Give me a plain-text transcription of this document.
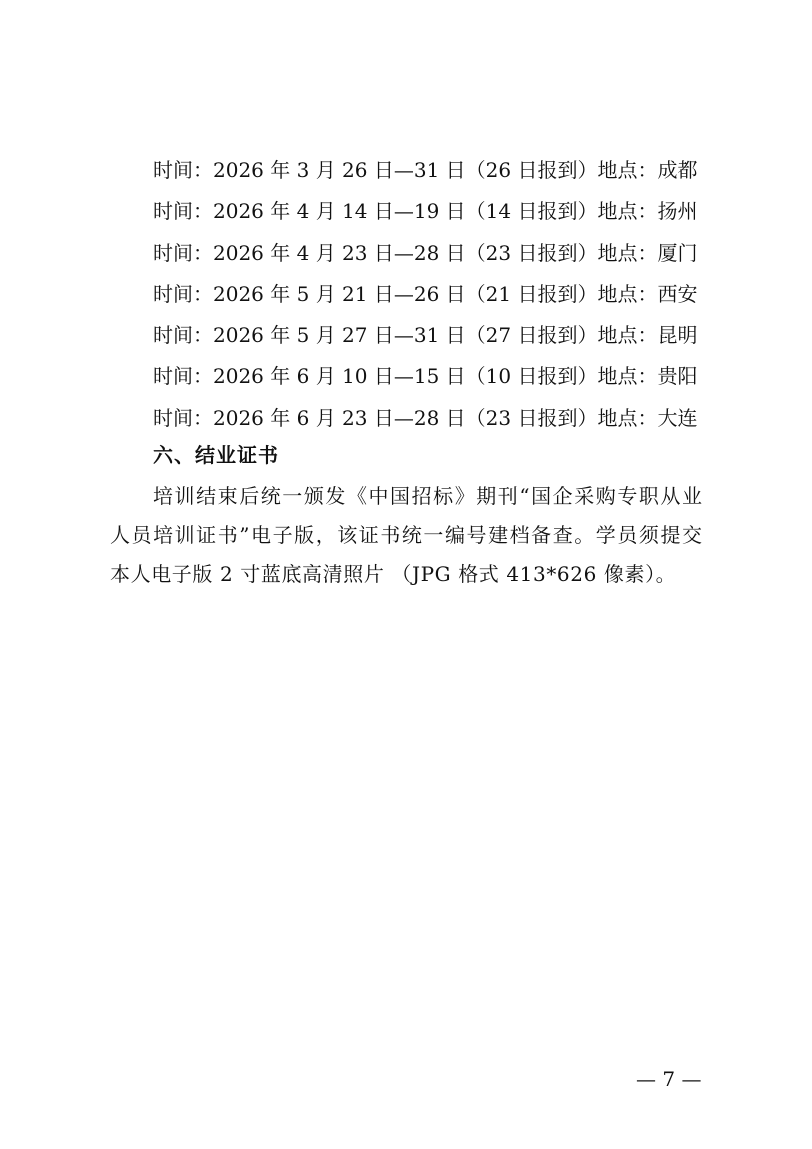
时间：2026 年 3 月 26 日—31 日（26 日报到）地点：成都
时间：2026 年 4 月 14 日—19 日（14 日报到）地点：扬州
时间：2026 年 4 月 23 日—28 日（23 日报到）地点：厦门
时间：2026 年 5 月 21 日—26 日（21 日报到）地点：西安
时间：2026 年 5 月 27 日—31 日（27 日报到）地点：昆明
时间：2026 年 6 月 10 日—15 日（10 日报到）地点：贵阳
时间：2026 年 6 月 23 日—28 日（23 日报到）地点：大连
六、结业证书

培训结束后统一颁发《中国招标》期刊“国企采购专职从业
人员培训证书”电子版，该证书统一编号建档备查。学员须提交
本人电子版 2 寸蓝底高清照片 （JPG 格式 413*626 像素）。

— 7 —
